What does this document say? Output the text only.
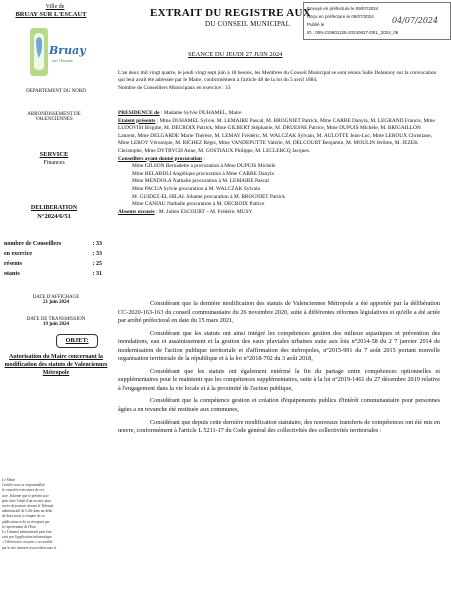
Ville de
BRUAY SUR L'ESCAUT
Bruay
sur l'Escaut
DEPARTEMENT DU NORD
ARRONDISSEMENT DE VALENCIENNES
SERVICE
Finances
DELIBERATION
N°2024/6/51
nombre de Conseillers	: 33
en exercice	: 33
résents	: 25
otants	: 31
DATE D'AFFICHAGE
21 juin 2024
DATE DE TRANSMISSION
19 juin 2024
OBJET:
Autorisation du Maire concernant la modification des statuts de Valenciennes Métropole
Le Maire
Certifie sous sa responsabilité
le caractère exécutoire de cet
acte. Informe que le présent acte
peut faire l'objet d'un recours pour
excès de pouvoir devant le Tribunal
administratif de Lille dans un délai
de deux mois à compter de sa
publication et de sa réception par
le représentant de l'Etat.
Le Tribunal administratif peut être
saisi par l'application informatique
« Télérecours citoyens » accessible
par le site internet www.telerecours.fr
EXTRAIT DU REGISTRE AUX
DU CONSEIL MUNICIPAL
Envoyé en préfecture le 09/07/2024
Reçu en préfecture le 09/07/2024
Publié le
ID : 059-215901125-20240627-DEL_2024_06
04/07/2024
SEANCE DU JEUDI 27 JUIN 2024
L'an deux mil vingt quatre, le jeudi vingt sept juin à 18 heures, les Membres du Conseil Municipal se sont réunis Salle Delannoy sur la convocation qui leur avait été adressée par le Maire, conformément à l'article 48 de la loi du 5 avril 1884.
Nombre de Conseillers Municipaux en exercice : 33

PRESIDENCE de : Madame Sylvie DUHAMEL, Maire

Etaient présents : Mme DUHAMEL Sylvie, M. LEMAIRE Pascal, M. BROGNIET Patrick, Mme CARRE Danyla, M. LEGRAND Francis, Mme LUDOVISI Brigitte, M. DECROIX Patrick, Mme GILBERT Stéphanie, M. DRUESNE Patrice, Mme DUPUIS Michèle, M. BRIGAILLON Laurent, Mme DELGARDE Marie Thérèse, M. LEMAY Frédéric, M. WALCZAK Sylvain, M. AULOTTE Jean-Luc, Mme LEROUX Christiane, Mme LEROY Véronique, M. RICHEZ Régis, Mme VANDEPUTTE Valérie, M. DELCOURT Benjamin, M. MOULIN Jérôme, M. JEZEK Christophe, Mme DYTRYCH Anne, M. GOSTIAUX Philippe, M. LECLERCQ Jacques.

Conseillers ayant donné procuration :

Mme GILSON Bernadette a procuration à Mme DUPUIS Michèle

Mme BELABDLI Angélique procuration à Mme CARRE Danyla

Mme MENDOLA Nathalie procuration à M. LEMAIRE Pascal

Mme PACUA Sylvie procuration à M. WALCZAK Sylvain

M. GUIDEZ-EL HILAL Sihame procuration à M. BROGNIET Patrick

Mme CANIAU Nathalie procuration à M. DECROIX Patrice

Absents excusés : M. Julien ESCOURT – M. Frédéric MUSY

Considérant que la dernière modification des statuts de Valenciennes Métropole a été apportée par la délibération CC-2020-163-163 du conseil communautaire du 26 novembre 2020, suite à différentes réformes législatives et qu'elle a été actée par arrêté préfectoral en date du 15 mars 2021,

Considérant que les statuts ont ainsi intégré les compétences gestion des milieux aquatiques et prévention des inondations, eau et assainissement et la gestion des eaux pluviales urbaines suite aux lois n°2014-58 du 2 7 janvier 2014 de modernisation de l'action publique territoriale et d'affirmation des métropoles, n°2015-991 du 7 août 2015 portant nouvelle organisation territoriale de la république et à la loi n°2018-702 du 3 août 2018,

Considérant que les statuts ont également entériné la fin du partage entre compétences optionnelles et supplémentaires pour le maintenir que les compétences supplémentaires, suite à la loi n°2019-1461 du 27 décembre 2019 relative à l'engagement dans la vie locale et à la proximité de l'action publique,

Considérant que la compétence gestion et création d'équipements publics d'intérêt communautaire pour personnes âgées a en revanche été restituée aux communes,

Considérant que depuis cette dernière modification statutaire, des nouveaux transferts de compétences ont été mis en œuvre, conformément à l'article L 5211-17 du Code général des collectivités des collectivités territoriales :
